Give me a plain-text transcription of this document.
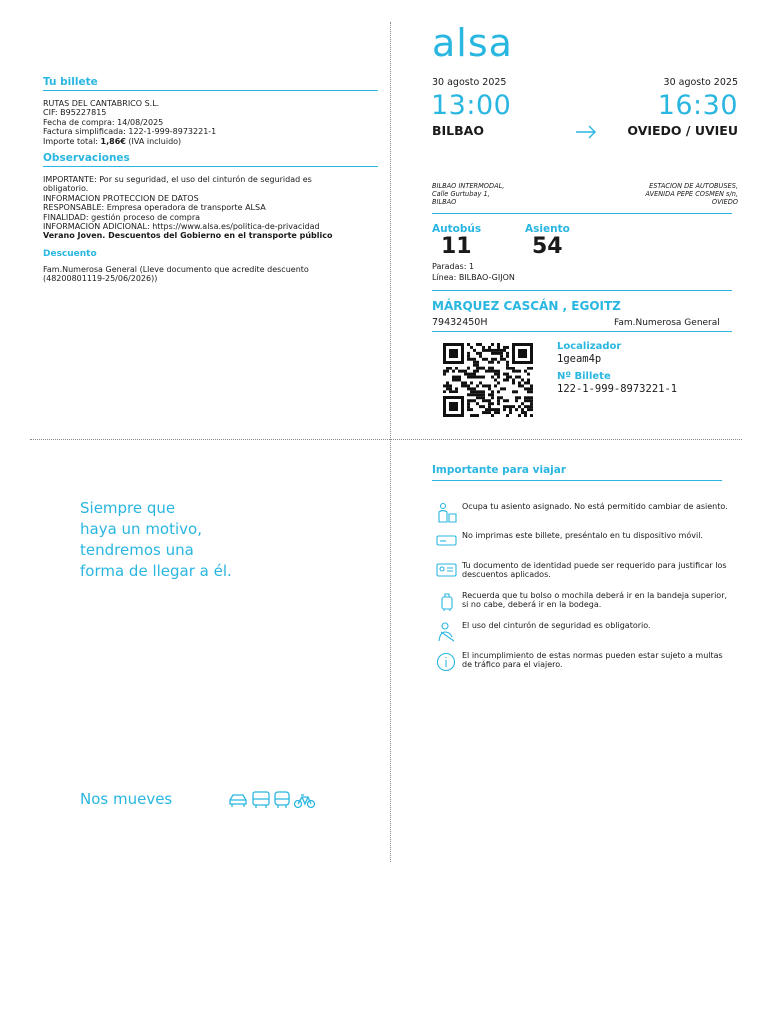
alsa
Tu billete
RUTAS DEL CANTABRICO S.L.
CIF: B95227815
Fecha de compra: 14/08/2025
Factura simplificada: 122-1-999-8973221-1
Importe total: 1,86€ (IVA incluido)
Observaciones
IMPORTANTE: Por su seguridad, el uso del cinturón de seguridad es obligatorio.
INFORMACION PROTECCION DE DATOS
RESPONSABLE: Empresa operadora de transporte ALSA
FINALIDAD: gestión proceso de compra
INFORMACION ADICIONAL: https://www.alsa.es/politica-de-privacidad
Verano Joven. Descuentos del Gobierno en el transporte público
Descuento
Fam.Numerosa General (Lleve documento que acredite descuento (48200801119-25/06/2026))
30 agosto 2025	30 agosto 2025
13:00	16:30
BILBAO	OVIEDO / UVIEU
BILBAO INTERMODAL,
Calle Gurtubay 1,
BILBAO
ESTACION DE AUTOBUSES,
AVENIDA PEPE COSMEN s/n,
OVIEDO
Autobús
11
Asiento
54
Paradas: 1
Línea: BILBAO-GIJON
MÁRQUEZ CASCÁN , EGOITZ
79432450H	Fam.Numerosa General
Localizador
1geam4p
Nº Billete
122-1-999-8973221-1
Siempre que
haya un motivo,
tendremos una
forma de llegar a él.
Nos mueves
Importante para viajar
Ocupa tu asiento asignado. No está permitido cambiar de asiento.
No imprimas este billete, preséntalo en tu dispositivo móvil.
Tu documento de identidad puede ser requerido para justificar los descuentos aplicados.
Recuerda que tu bolso o mochila deberá ir en la bandeja superior, si no cabe, deberá ir en la bodega.
El uso del cinturón de seguridad es obligatorio.
El incumplimiento de estas normas pueden estar sujeto a multas de tráfico para el viajero.
